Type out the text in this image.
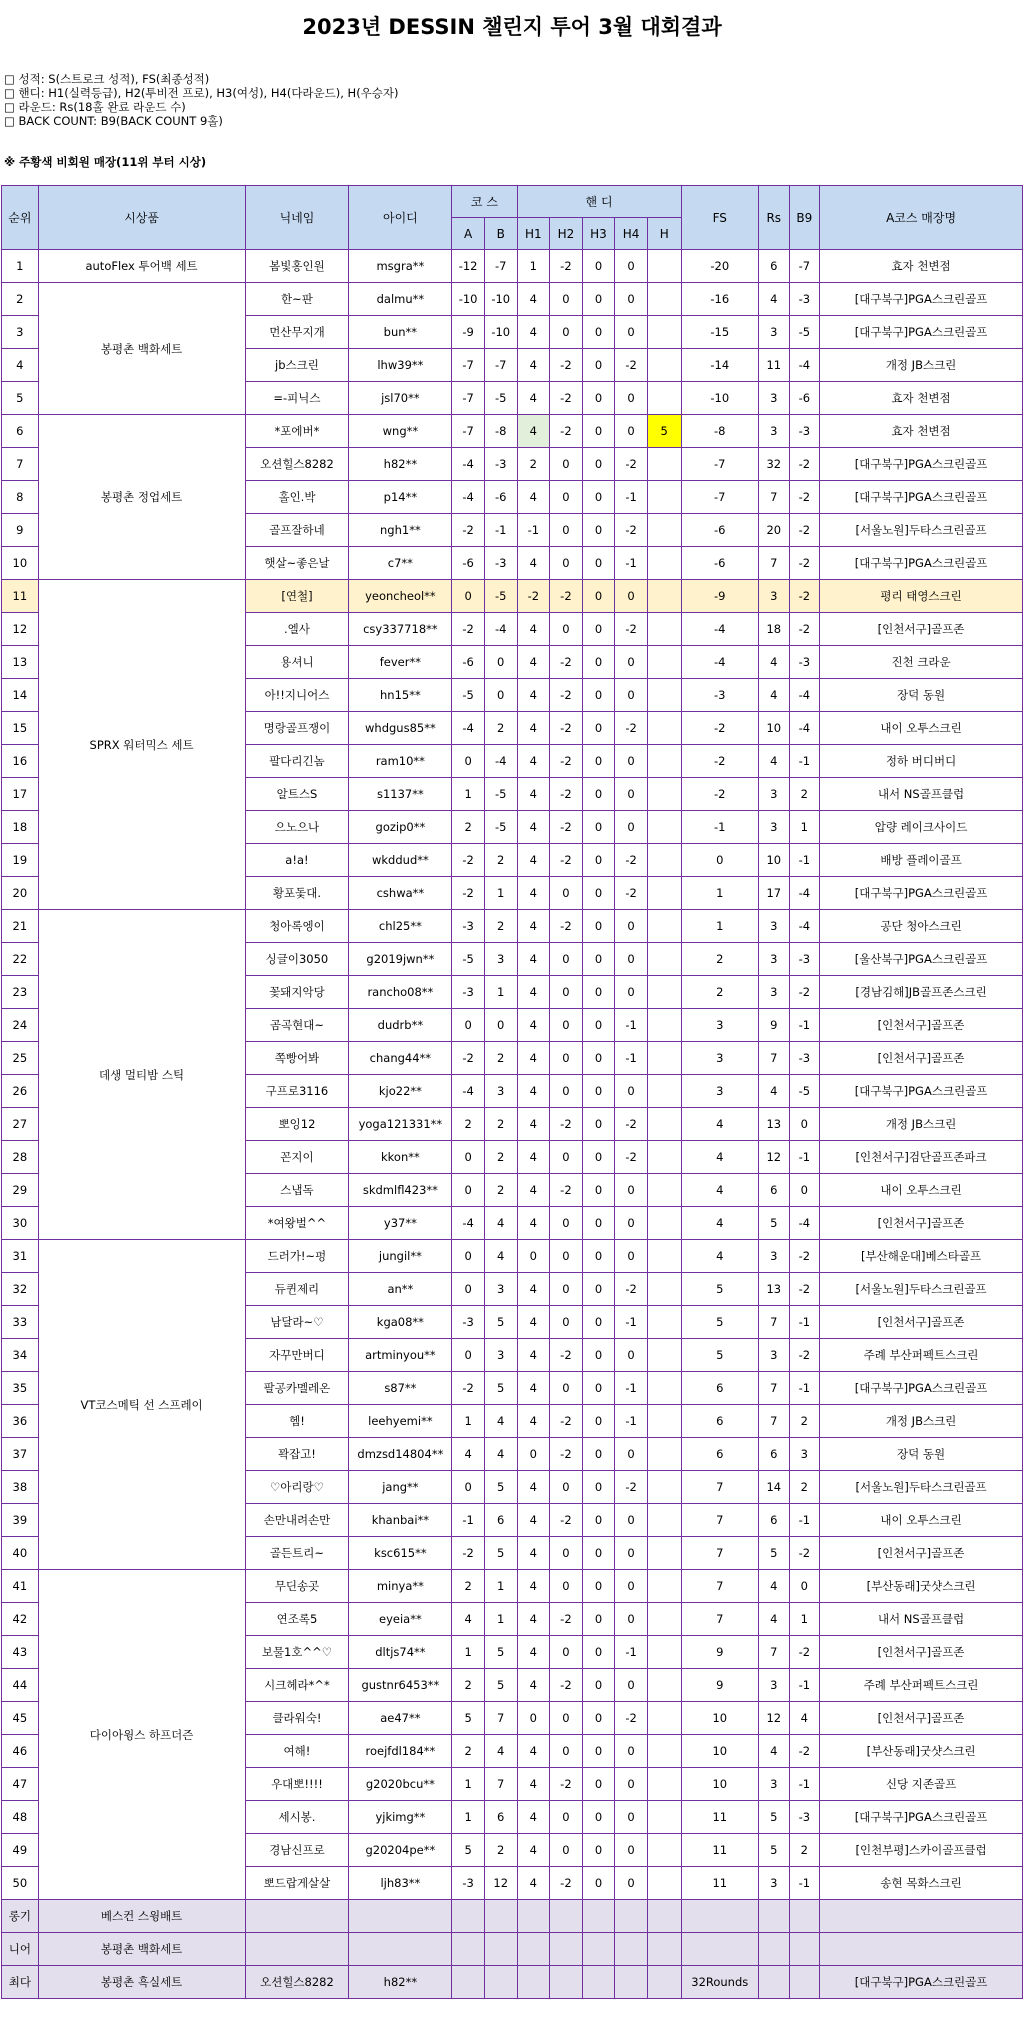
2023년 DESSIN 챌린지 투어 3월 대회결과
□ 성적: S(스트로크 성적), FS(최종성적)
□ 핸디: H1(실력등급), H2(투비전 프로), H3(여성), H4(다라운드), H(우승자)
□ 라운드: Rs(18홀 완료 라운드 수)
□ BACK COUNT: B9(BACK COUNT 9홀)
※ 주황색 비회원 매장(11위 부터 시상)
순위	시상품	닉네임	아이디	코 스		핸 디					FS	Rs	B9	A코스 매장명
				A	B	H1	H2	H3	H4	H				
1	autoFlex 투어백 세트	봄빛홍인원	msgra**	-12	-7	1	-2	0	0		-20	6	-7	효자 천변점
2	봉평촌 백화세트	한~판	dalmu**	-10	-10	4	0	0	0		-16	4	-3	[대구북구]PGA스크린골프
3		먼산무지개	bun**	-9	-10	4	0	0	0		-15	3	-5	[대구북구]PGA스크린골프
4		jb스크린	lhw39**	-7	-7	4	-2	0	-2		-14	11	-4	개정 JB스크린
5		=-피닉스	jsl70**	-7	-5	4	-2	0	0		-10	3	-6	효자 천변점
6	봉평촌 정업세트	*포에버*	wng**	-7	-8	4	-2	0	0	5	-8	3	-3	효자 천변점
7		오션힐스8282	h82**	-4	-3	2	0	0	-2		-7	32	-2	[대구북구]PGA스크린골프
8		홀인.박	p14**	-4	-6	4	0	0	-1		-7	7	-2	[대구북구]PGA스크린골프
9		골프잘하네	ngh1**	-2	-1	-1	0	0	-2		-6	20	-2	[서울노원]두타스크린골프
10		햇살~좋은날	c7**	-6	-3	4	0	0	-1		-6	7	-2	[대구북구]PGA스크린골프
11	SPRX 워터믹스 세트	[연철]	yeoncheol**	0	-5	-2	-2	0	0		-9	3	-2	평리 태영스크린
12		.엘사	csy337718**	-2	-4	4	0	0	-2		-4	18	-2	[인천서구]골프존
13		용셔니	fever**	-6	0	4	-2	0	0		-4	4	-3	진천 크라운
14		아!!지니어스	hn15**	-5	0	4	-2	0	0		-3	4	-4	장덕 동원
15		명랑골프쟁이	whdgus85**	-4	2	4	-2	0	-2		-2	10	-4	내이 오투스크린
16		팔다리긴놈	ram10**	0	-4	4	-2	0	0		-2	4	-1	정하 버디버디
17		알트스S	s1137**	1	-5	4	-2	0	0		-2	3	2	내서 NS골프클럽
18		으노으나	gozip0**	2	-5	4	-2	0	0		-1	3	1	압량 레이크사이드
19		a!a!	wkddud**	-2	2	4	-2	0	-2		0	10	-1	배방 플레이골프
20		황포돛대.	cshwa**	-2	1	4	0	0	-2		1	17	-4	[대구북구]PGA스크린골프
21	데생 멀티밤 스틱	청아록엥이	chl25**	-3	2	4	-2	0	0		1	3	-4	공단 청아스크린
22		싱글이3050	g2019jwn**	-5	3	4	0	0	0		2	3	-3	[울산북구]PGA스크린골프
23		꽃돼지악당	rancho08**	-3	1	4	0	0	0		2	3	-2	[경남김해]JB골프존스크린
24		곰곡현대~	dudrb**	0	0	4	0	0	-1		3	9	-1	[인천서구]골프존
25		쪽빵어봐	chang44**	-2	2	4	0	0	-1		3	7	-3	[인천서구]골프존
26		구프로3116	kjo22**	-4	3	4	0	0	0		3	4	-5	[대구북구]PGA스크린골프
27		뽀잉12	yoga121331**	2	2	4	-2	0	-2		4	13	0	개정 JB스크린
28		꼰지이	kkon**	0	2	4	0	0	-2		4	12	-1	[인천서구]검단골프존파크
29		스냅독	skdmlfl423**	0	2	4	-2	0	0		4	6	0	내이 오투스크린
30		*여왕벌^^	y37**	-4	4	4	0	0	0		4	5	-4	[인천서구]골프존
31	VT코스메틱 선 스프레이	드러가!~펑	jungil**	0	4	0	0	0	0		4	3	-2	[부산해운대]베스타골프
32		듀퀸제리	an**	0	3	4	0	0	-2		5	13	-2	[서울노원]두타스크린골프
33		남달라~♡	kga08**	-3	5	4	0	0	-1		5	7	-1	[인천서구]골프존
34		자꾸만버디	artminyou**	0	3	4	-2	0	0		5	3	-2	주례 부산퍼펙트스크린
35		팔공카멜레온	s87**	-2	5	4	0	0	-1		6	7	-1	[대구북구]PGA스크린골프
36		헴!	leehyemi**	1	4	4	-2	0	-1		6	7	2	개정 JB스크린
37		꽉잡고!	dmzsd14804**	4	4	0	-2	0	0		6	6	3	장덕 동원
38		♡아리랑♡	jang**	0	5	4	0	0	-2		7	14	2	[서울노원]두타스크린골프
39		손만내려손만	khanbai**	-1	6	4	-2	0	0		7	6	-1	내이 오투스크린
40		골든트리~	ksc615**	-2	5	4	0	0	0		7	5	-2	[인천서구]골프존
41	다이아윙스 하프더즌	무딘송곳	minya**	2	1	4	0	0	0		7	4	0	[부산동래]굿샷스크린
42		연조록5	eyeia**	4	1	4	-2	0	0		7	4	1	내서 NS골프클럽
43		보물1호^^♡	dltjs74**	1	5	4	0	0	-1		9	7	-2	[인천서구]골프존
44		시크헤라*^*	gustnr6453**	2	5	4	-2	0	0		9	3	-1	주례 부산퍼펙트스크린
45		클라워숙!	ae47**	5	7	0	0	0	-2		10	12	4	[인천서구]골프존
46		여해!	roejfdl184**	2	4	4	0	0	0		10	4	-2	[부산동래]굿샷스크린
47		우대뽀!!!!	g2020bcu**	1	7	4	-2	0	0		10	3	-1	신당 지존골프
48		세시봉.	yjkimg**	1	6	4	0	0	0		11	5	-3	[대구북구]PGA스크린골프
49		경남신프로	g20204pe**	5	2	4	0	0	0		11	5	2	[인천부평]스카이골프클럽
50		뽀드랍게살살	ljh83**	-3	12	4	-2	0	0		11	3	-1	송현 목화스크린
롱기	베스컨 스윙배트													
니어	봉평촌 백화세트													
최다	봉평촌 흑실세트	오션힐스8282	h82**								32Rounds			[대구북구]PGA스크린골프
